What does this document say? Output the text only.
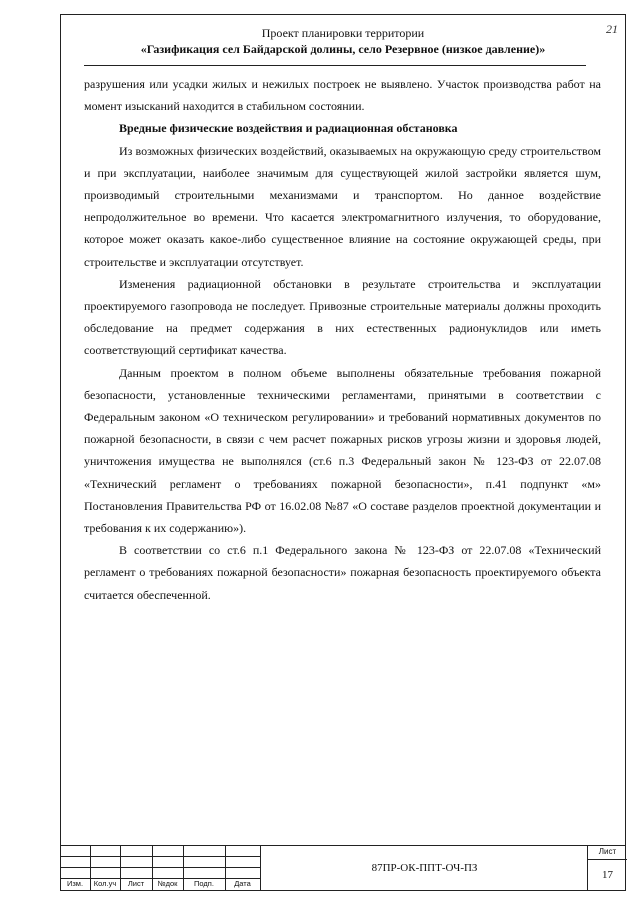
21
Проект планировки территории
«Газификация сел Байдарской долины, село Резервное (низкое давление)»

разрушения или усадки жилых и нежилых построек не выявлено. Участок производства работ на момент изысканий находится в стабильном состоянии.

Вредные физические воздействия и радиационная обстановка

Из возможных физических воздействий, оказываемых на окружающую среду строительством и при эксплуатации, наиболее значимым для существующей жилой застройки является шум, производимый строительными механизмами и транспортом. Но данное воздействие непродолжительное во времени. Что касается электромагнитного излучения, то оборудование, которое может оказать какое-либо существенное влияние на состояние окружающей среды, при строительстве и эксплуатации отсутствует.

Изменения радиационной обстановки в результате строительства и эксплуатации проектируемого газопровода не последует. Привозные строительные материалы должны проходить обследование на предмет содержания в них естественных радионуклидов или иметь соответствующий сертификат качества.

Данным проектом в полном объеме выполнены обязательные требования пожарной безопасности, установленные техническими регламентами, принятыми в соответствии с Федеральным законом «О техническом регулировании» и требований нормативных документов по пожарной безопасности, в связи с чем расчет пожарных рисков угрозы жизни и здоровья людей, уничтожения имущества не выполнялся (ст.6 п.3 Федеральный закон № 123-ФЗ от 22.07.08 «Технический регламент о требованиях пожарной безопасности», п.41 подпункт «м» Постановления Правительства РФ от 16.02.08 №87 «О составе разделов проектной документации и требования к их содержанию»).

В соответствии со ст.6 п.1 Федерального закона № 123-ФЗ от 22.07.08 «Технический регламент о требованиях пожарной безопасности» пожарная безопасность проектируемого объекта считается обеспеченной.

Изм.	Кол.уч	Лист	№док	Подп.	Дата
87ПР-ОК-ППТ-ОЧ-ПЗ
Лист
17
